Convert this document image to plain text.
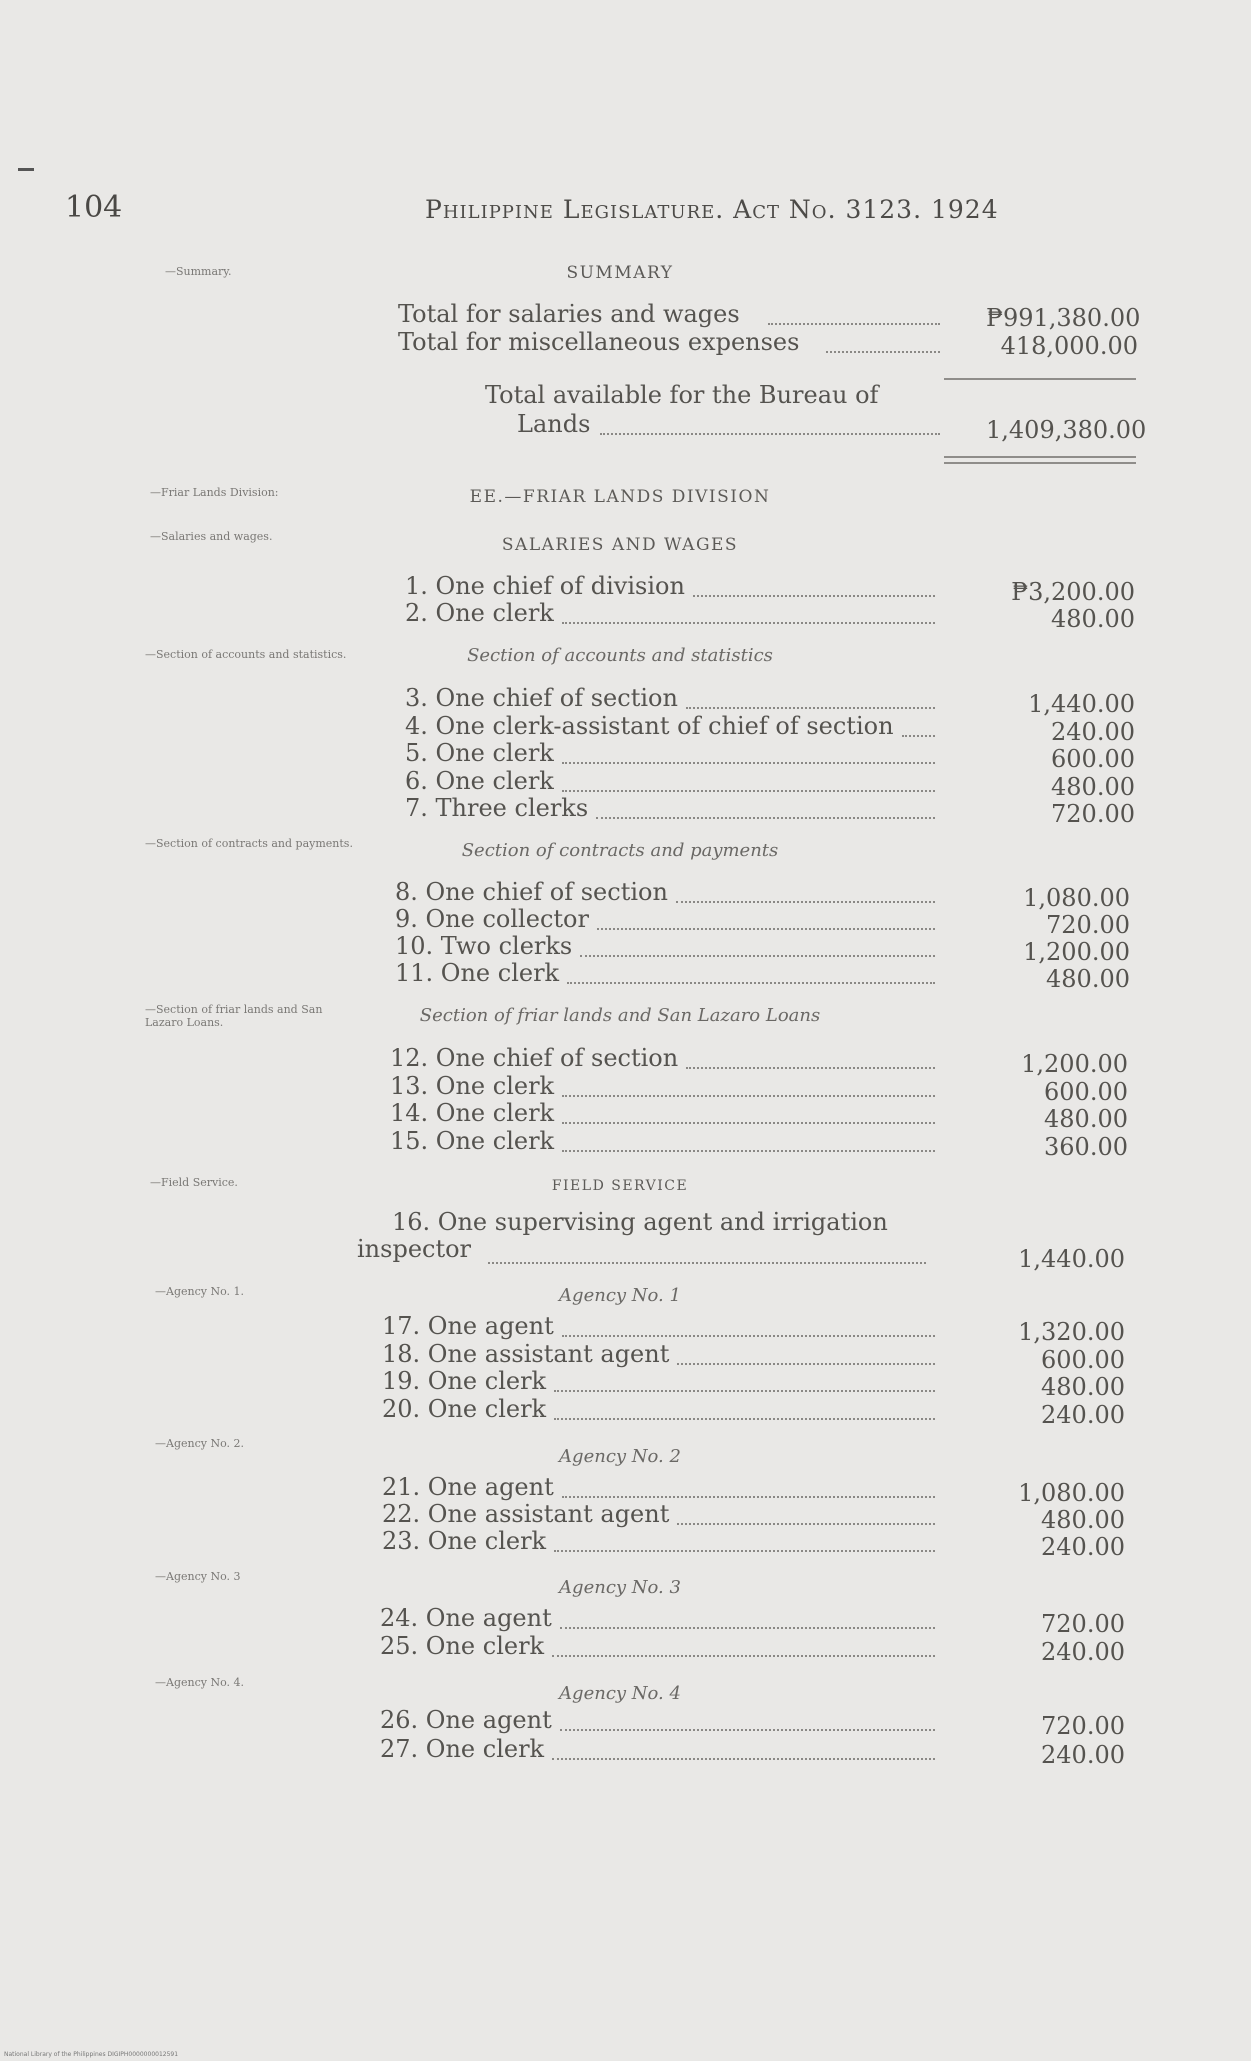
104	Philippine Legislature. Act No. 3123. 1924
—Summary.
—Friar Lands Division:
—Salaries and wages.
—Section of accounts and statistics.
—Section of contracts and payments.
—Section of friar lands and San Lazaro Loans.
—Field Service.
—Agency No. 1.
—Agency No. 2.
—Agency No. 3
—Agency No. 4.
SUMMARY
Total for salaries and wages	₱991,380.00
Total for miscellaneous expenses	418,000.00
Total available for the Bureau of
Lands	1,409,380.00
EE.—FRIAR LANDS DIVISION
SALARIES AND WAGES
1. One chief of division	₱3,200.00
2. One clerk	480.00
3. One chief of section	1,440.00
4. One clerk-assistant of chief of section	240.00
5. One clerk	600.00
6. One clerk	480.00
7. Three clerks	720.00
8. One chief of section	1,080.00
9. One collector	720.00
10. Two clerks	1,200.00
11. One clerk	480.00
12. One chief of section	1,200.00
13. One clerk	600.00
14. One clerk	480.00
15. One clerk	360.00
17. One agent	1,320.00
18. One assistant agent	600.00
19. One clerk	480.00
20. One clerk	240.00
21. One agent	1,080.00
22. One assistant agent	480.00
23. One clerk	240.00
24. One agent	720.00
25. One clerk	240.00
26. One agent	720.00
27. One clerk	240.00
Section of accounts and statistics
Section of contracts and payments
Section of friar lands and San Lazaro Loans
FIELD SERVICE
16. One supervising agent and irrigation
inspector	1,440.00
Agency No. 1
Agency No. 2
Agency No. 3
Agency No. 4
National Library of the Philippines DIGIPH0000000012591
